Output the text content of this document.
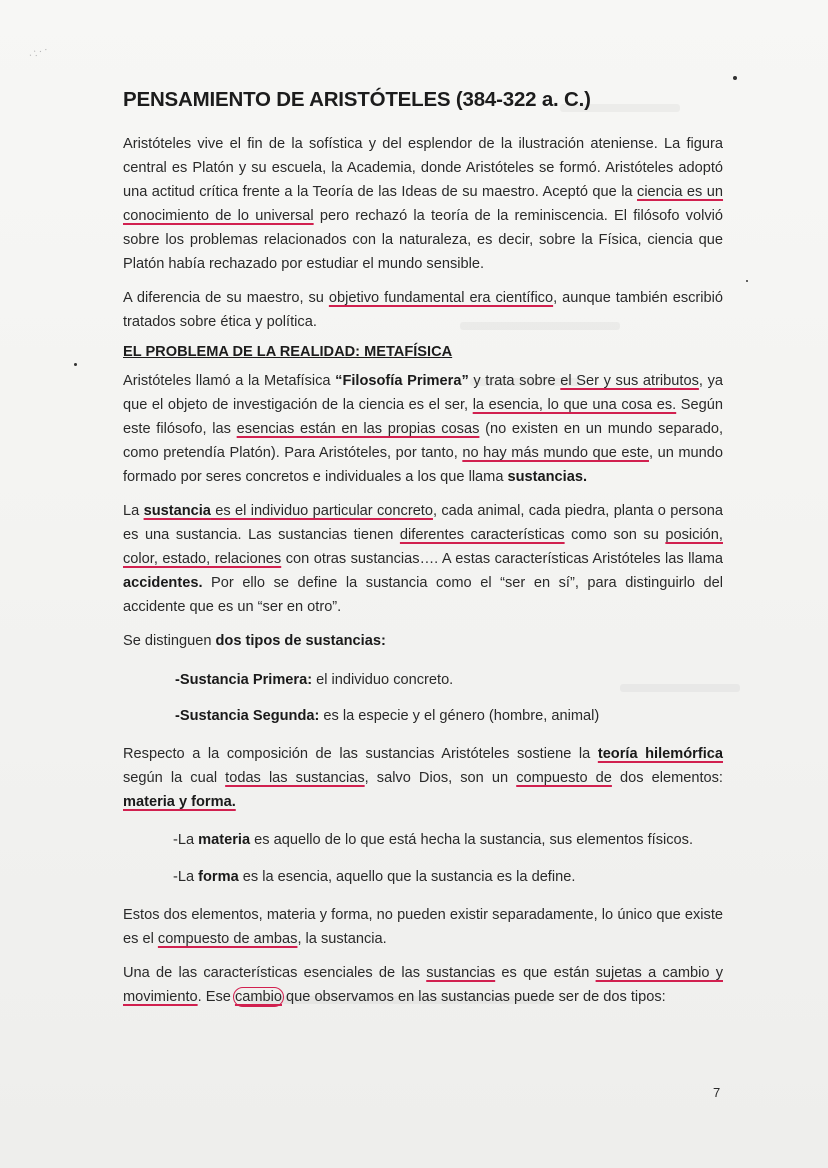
·:··
PENSAMIENTO DE ARISTÓTELES (384-322 a. C.)

Aristóteles vive el fin de la sofística y del esplendor de la ilustración ateniense. La figura central es Platón y su escuela, la Academia, donde Aristóteles se formó. Aristóteles adoptó una actitud crítica frente a la Teoría de las Ideas de su maestro. Aceptó que la ciencia es un conocimiento de lo universal pero rechazó la teoría de la reminiscencia. El filósofo volvió sobre los problemas relacionados con la naturaleza, es decir, sobre la Física, ciencia que Platón había rechazado por estudiar el mundo sensible.

A diferencia de su maestro, su objetivo fundamental era científico, aunque también escribió tratados sobre ética y política.

EL PROBLEMA DE LA REALIDAD: METAFÍSICA

Aristóteles llamó a la Metafísica “Filosofía Primera” y trata sobre el Ser y sus atributos, ya que el objeto de investigación de la ciencia es el ser, la esencia, lo que una cosa es. Según este filósofo, las esencias están en las propias cosas (no existen en un mundo separado, como pretendía Platón). Para Aristóteles, por tanto, no hay más mundo que este, un mundo formado por seres concretos e individuales a los que llama sustancias.

La sustancia es el individuo particular concreto, cada animal, cada piedra, planta o persona es una sustancia. Las sustancias tienen diferentes características como son su posición, color, estado, relaciones con otras sustancias…. A estas características Aristóteles las llama accidentes. Por ello se define la sustancia como el “ser en sí”, para distinguirlo del accidente que es un “ser en otro”.

Se distinguen dos tipos de sustancias:

-Sustancia Primera: el individuo concreto.

-Sustancia Segunda: es la especie y el género (hombre, animal)

Respecto a la composición de las sustancias Aristóteles sostiene la teoría hilemórfica según la cual todas las sustancias, salvo Dios, son un compuesto de dos elementos: materia y forma.

-La materia es aquello de lo que está hecha la sustancia, sus elementos físicos.

-La forma es la esencia, aquello que la sustancia es la define.

Estos dos elementos, materia y forma, no pueden existir separadamente, lo único que existe es el compuesto de ambas, la sustancia.

Una de las características esenciales de las sustancias es que están sujetas a cambio y movimiento. Ese cambio que observamos en las sustancias puede ser de dos tipos:

7
